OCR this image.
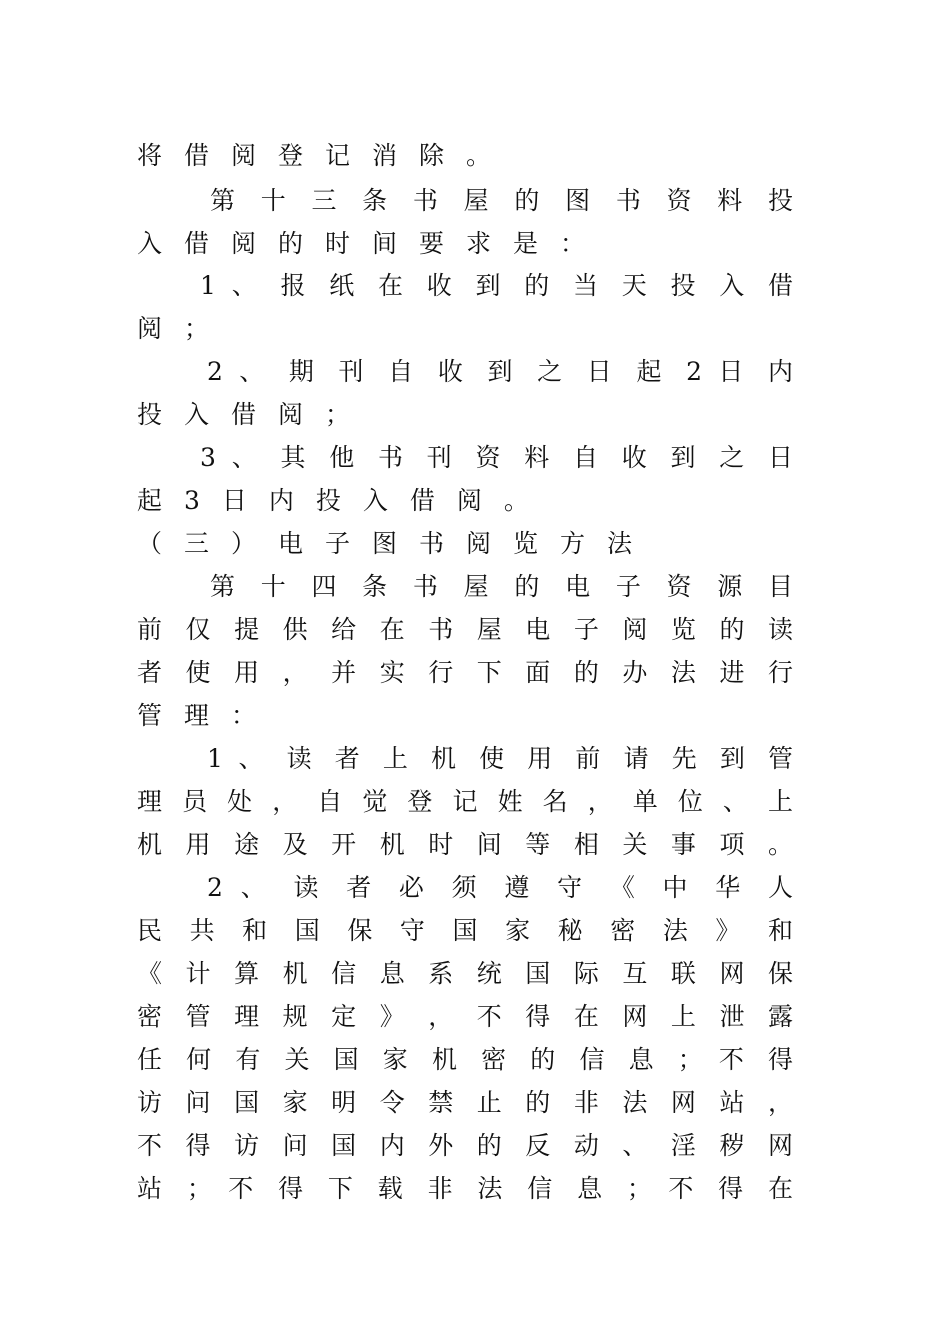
将借阅登记消除。
第 十 三 条 书 屋 的 图 书 资 料 投
入借阅的时间要求是：
1 、 报 纸 在 收 到 的 当 天 投 入 借
阅；
2 、 期 刊 自 收 到 之 日 起 2 日 内
投入借阅；
3 、 其 他 书 刊 资 料 自 收 到 之 日
起3日内投入借阅。
（三）电子图书阅览方法
第 十 四 条 书 屋 的 电 子 资 源 目
前 仅 提 供 给 在 书 屋 电 子 阅 览 的 读
者 使 用 ， 并 实 行 下 面 的 办 法 进 行
管理：
1 、 读 者 上 机 使 用 前 请 先 到 管
理 员 处 ， 自 觉 登 记 姓 名 ， 单 位 、 上
机 用 途 及 开 机 时 间 等 相 关 事 项 。
2 、 读 者 必 须 遵 守 《 中 华 人
民 共 和 国 保 守 国 家 秘 密 法 》 和
《 计 算 机 信 息 系 统 国 际 互 联 网 保
密 管 理 规 定 》 ， 不 得 在 网 上 泄 露
任 何 有 关 国 家 机 密 的 信 息 ； 不 得
访 问 国 家 明 令 禁 止 的 非 法 网 站 ，
不 得 访 问 国 内 外 的 反 动 、 淫 秽 网
站 ； 不 得 下 载 非 法 信 息 ； 不 得 在
